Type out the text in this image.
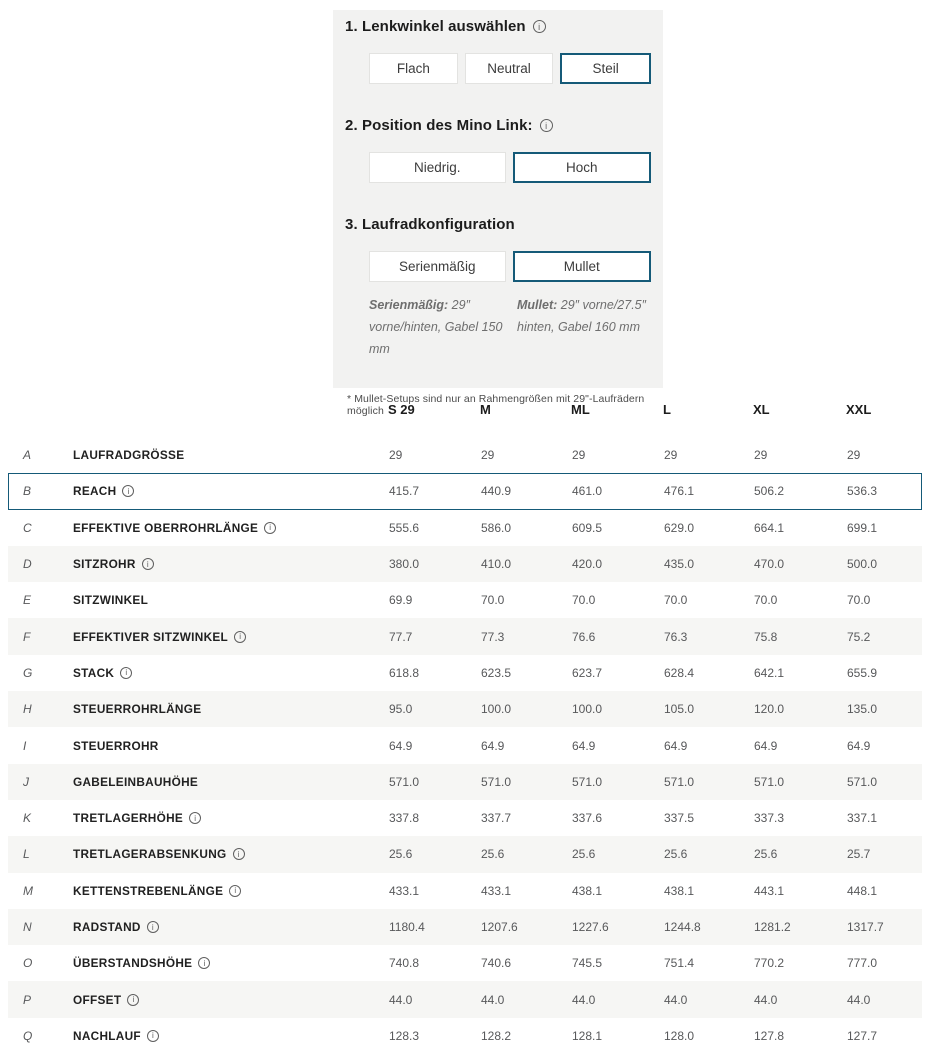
1. Lenkwinkel auswählen	i
Flach	Neutral	Steil
2. Position des Mino Link:	i
Niedrig.	Hoch
3. Laufradkonfiguration
Serienmäßig	Mullet

Serienmäßig: 29″ vorne/hinten, Gabel 150 mm

Mullet: 29″ vorne/27.5″ hinten, Gabel 160 mm

* Mullet-Setups sind nur an Rahmengrößen mit 29"-Laufrädern möglich S 29	M	ML	L	XL	XXL
A	LAUFRADGRÖSSE	29	29	29	29	29	29
B	REACH	i	415.7	440.9	461.0	476.1	506.2	536.3
C	EFFEKTIVE OBERROHRLÄNGE	i	555.6	586.0	609.5	629.0	664.1	699.1
D	SITZROHR	i	380.0	410.0	420.0	435.0	470.0	500.0
E	SITZWINKEL	69.9	70.0	70.0	70.0	70.0	70.0
F	EFFEKTIVER SITZWINKEL	i	77.7	77.3	76.6	76.3	75.8	75.2
G	STACK	i	618.8	623.5	623.7	628.4	642.1	655.9
H	STEUERROHRLÄNGE	95.0	100.0	100.0	105.0	120.0	135.0
I	STEUERROHR	64.9	64.9	64.9	64.9	64.9	64.9
J	GABELEINBAUHÖHE	571.0	571.0	571.0	571.0	571.0	571.0
K	TRETLAGERHÖHE	i	337.8	337.7	337.6	337.5	337.3	337.1
L	TRETLAGERABSENKUNG	i	25.6	25.6	25.6	25.6	25.6	25.7
M	KETTENSTREBENLÄNGE	i	433.1	433.1	438.1	438.1	443.1	448.1
N	RADSTAND	i	1180.4	1207.6	1227.6	1244.8	1281.2	1317.7
O	ÜBERSTANDSHÖHE	i	740.8	740.6	745.5	751.4	770.2	777.0
P	OFFSET	i	44.0	44.0	44.0	44.0	44.0	44.0
Q	NACHLAUF	i	128.3	128.2	128.1	128.0	127.8	127.7
